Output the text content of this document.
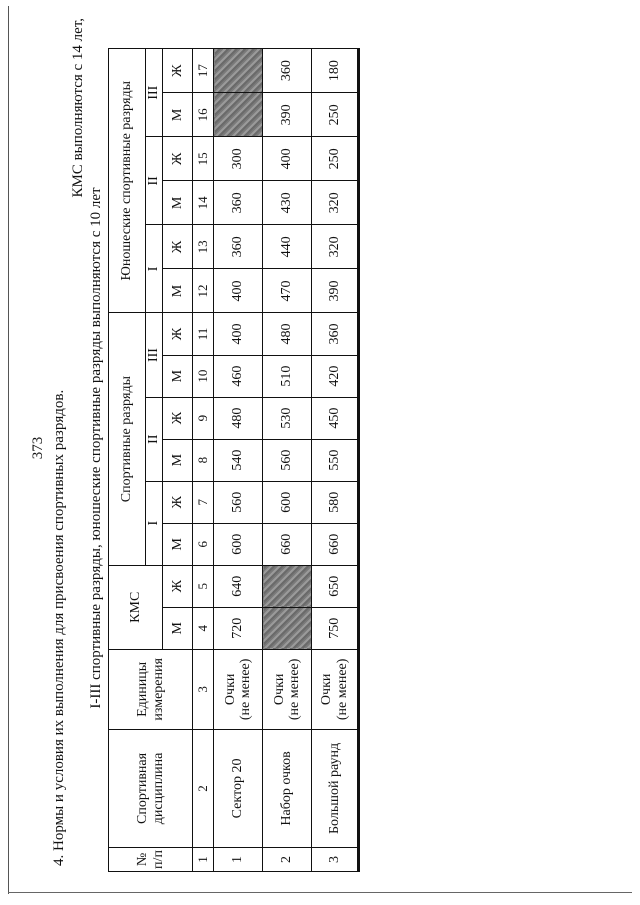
373 4. Нормы и условия их выполнения для присвоения спортивных разрядов.
КМС выполняются с 14 лет,
I-III спортивные разряды, юношеские спортивные разряды выполняются с 10 лет
№ п/п	Спортивная дисциплина	Единицы измерения	КМС		Спортивные разряды						Юношеские спортивные разряды					
					I		II		III		I		II		III	
			М	Ж	М	Ж	М	Ж	М	Ж	М	Ж	М	Ж	М	Ж
1	2	3	4	5	6	7	8	9	10	11	12	13	14	15	16	17
1	Сектор 20	Очки (не менее)	720	640	600	560	540	480	460	400	400	360	360	300		
2	Набор очков	Очки (не менее)			660	600	560	530	510	480	470	440	430	400	390	360
3	Большой раунд	Очки (не менее)	750	650	660	580	550	450	420	360	390	320	320	250	250	180
